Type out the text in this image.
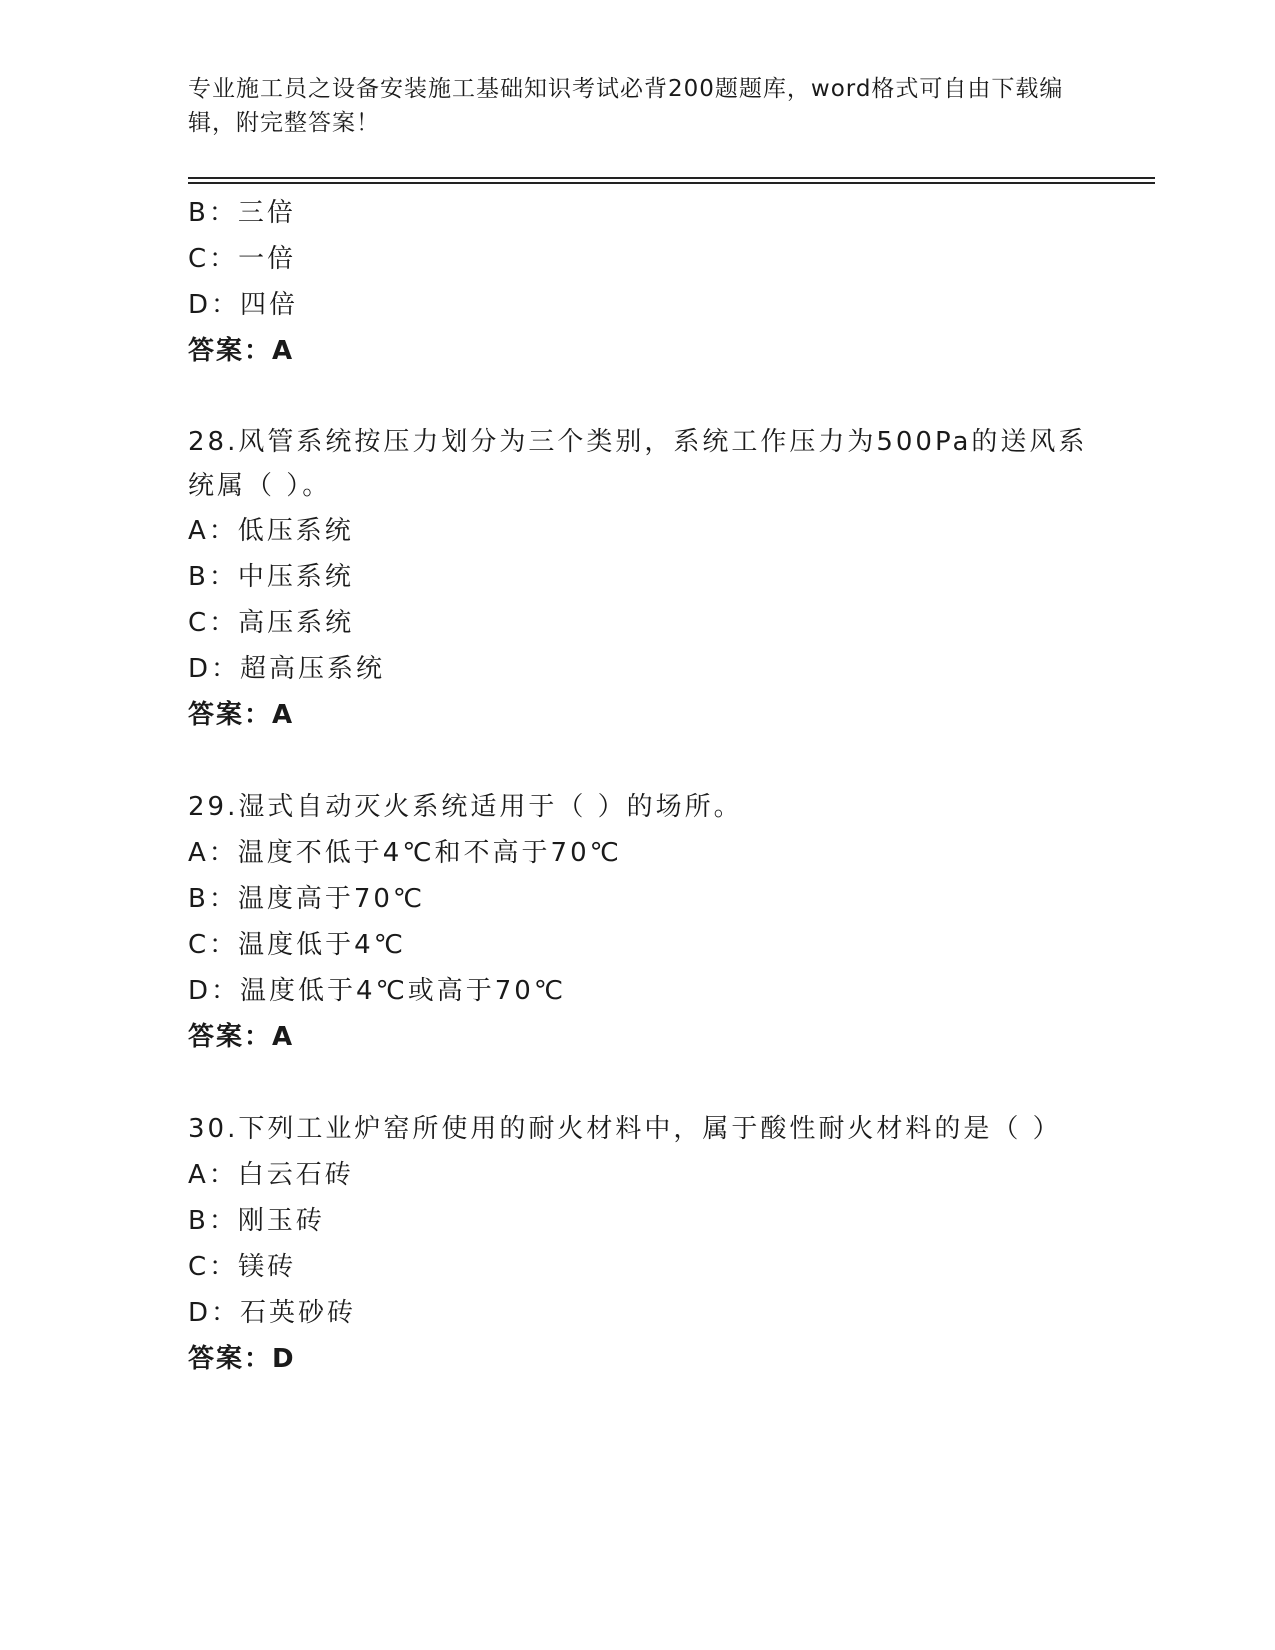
专业施工员之设备安装施工基础知识考试必背200题题库，word格式可自由下载编辑，附完整答案！
B：三倍
C：一倍
D：四倍
答案：A
28.风管系统按压力划分为三个类别，系统工作压力为500Pa的送风系统属（ ）。
A：低压系统
B：中压系统
C：高压系统
D：超高压系统
答案：A
29.湿式自动灭火系统适用于（ ）的场所。
A：温度不低于4℃和不高于70℃
B：温度高于70℃
C：温度低于4℃
D：温度低于4℃或高于70℃
答案：A
30.下列工业炉窑所使用的耐火材料中，属于酸性耐火材料的是（ ）
A：白云石砖
B：刚玉砖
C：镁砖
D：石英砂砖
答案：D
